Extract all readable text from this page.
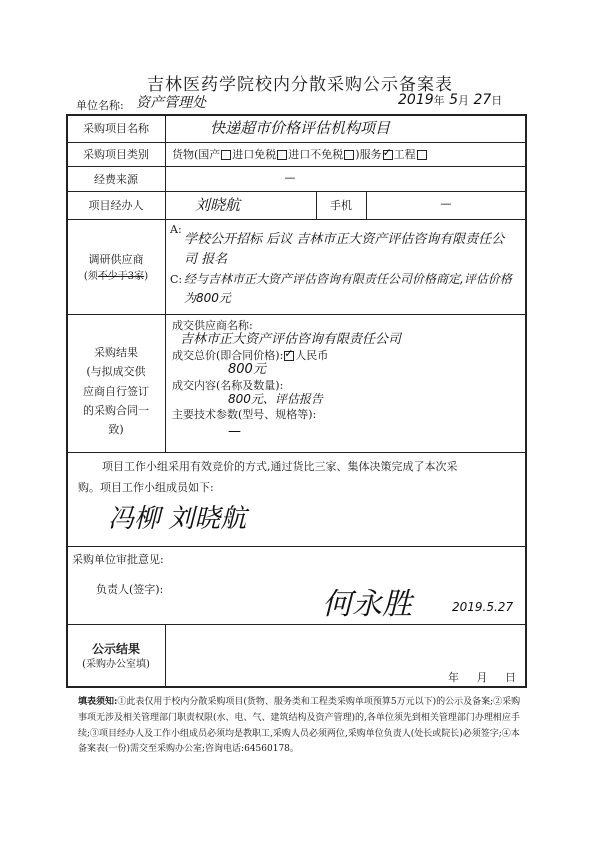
吉林医药学院校内分散采购公示备案表
单位名称: 资产管理处	2019年 5月 27日
采购项目名称	快递超市价格评估机构项目
采购项目类别	货物(国产 进口免税 进口不免税 )服务 ✓ 工程
经费来源	—
项目经办人	刘晓航	手机	—
调研供应商
(须不少于3家)
A:
学校公开招标 后议 吉林市正大资产评估咨询有限责任公司 报名
C: 经与吉林市正大资产评估咨询有限责任公司价格商定,评估价格为800元
采购结果
(与拟成交供
应商自行签订
的采购合同一
致)
成交供应商名称:
吉林市正大资产评估咨询有限责任公司
成交总价(即合同价格): ✓ 人民币
800元
成交内容(名称及数量):
800元、评估报告
主要技术参数(型号、规格等):
—
项目工作小组采用有效竞价的方式,通过货比三家、集体决策完成了本次采
购。项目工作小组成员如下:
冯柳 刘晓航
采购单位审批意见:
负责人(签字):	何永胜	2019.5.27
公示结果
(采购办公室填)
年 月 日
填表须知:①此表仅用于校内分散采购项目(货物、服务类和工程类采购单项预算5万元以下)的公示及备案;②采购事项无涉及相关管理部门职责权限(水、电、气、建筑结构及资产管理)的,各单位须先到相关管理部门办理相应手续;③项目经办人及工作小组成员必须均是教职工,采购人员必须两位,采购单位负责人(处长或院长)必须签字;④本备案表(一份)需交至采购办公室;咨询电话:64560178。
